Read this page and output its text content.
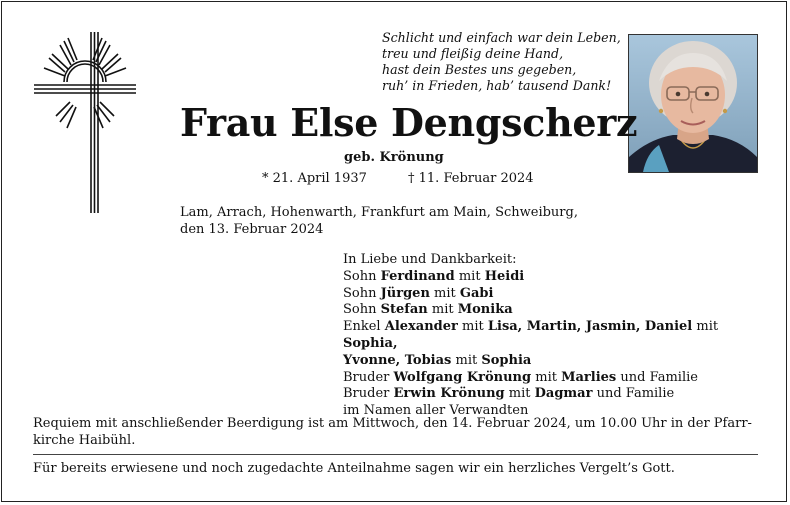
Schlicht und einfach war dein Leben,
treu und fleißig deine Hand,
hast dein Bestes uns gegeben,
ruh’ in Frieden, hab’ tausend Dank!
Frau Else Dengscherz
geb. Krönung
* 21. April 1937	† 11. Februar 2024
Lam, Arrach, Hohenwarth, Frankfurt am Main, Schweiburg,
den 13. Februar 2024
In Liebe und Dankbarkeit:
Sohn Ferdinand mit Heidi
Sohn Jürgen mit Gabi
Sohn Stefan mit Monika
Enkel Alexander mit Lisa, Martin, Jasmin, Daniel mit Sophia,
Yvonne, Tobias mit Sophia
Bruder Wolfgang Krönung mit Marlies und Familie
Bruder Erwin Krönung mit Dagmar und Familie
im Namen aller Verwandten
Requiem mit anschließender Beerdigung ist am Mittwoch, den 14. Februar 2024, um 10.00 Uhr in der Pfarr-
kirche Haibühl.
Für bereits erwiesene und noch zugedachte Anteilnahme sagen wir ein herzliches Vergelt’s Gott.
